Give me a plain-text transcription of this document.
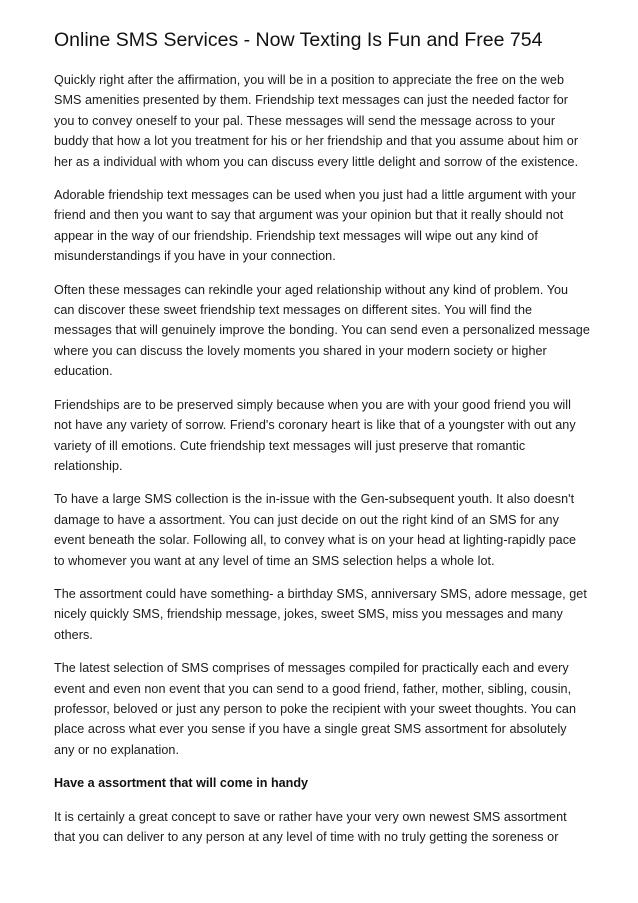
Online SMS Services - Now Texting Is Fun and Free 754

Quickly right after the affirmation, you will be in a position to appreciate the free on the web SMS amenities presented by them. Friendship text messages can just the needed factor for you to convey oneself to your pal. These messages will send the message across to your buddy that how a lot you treatment for his or her friendship and that you assume about him or her as a individual with whom you can discuss every little delight and sorrow of the existence.

Adorable friendship text messages can be used when you just had a little argument with your friend and then you want to say that argument was your opinion but that it really should not appear in the way of our friendship. Friendship text messages will wipe out any kind of misunderstandings if you have in your connection.

Often these messages can rekindle your aged relationship without any kind of problem. You can discover these sweet friendship text messages on different sites. You will find the messages that will genuinely improve the bonding. You can send even a personalized message where you can discuss the lovely moments you shared in your modern society or higher education.

Friendships are to be preserved simply because when you are with your good friend you will not have any variety of sorrow. Friend's coronary heart is like that of a youngster with out any variety of ill emotions. Cute friendship text messages will just preserve that romantic relationship.

To have a large SMS collection is the in-issue with the Gen-subsequent youth. It also doesn't damage to have a assortment. You can just decide on out the right kind of an SMS for any event beneath the solar. Following all, to convey what is on your head at lighting-rapidly pace to whomever you want at any level of time an SMS selection helps a whole lot.

The assortment could have something- a birthday SMS, anniversary SMS, adore message, get nicely quickly SMS, friendship message, jokes, sweet SMS, miss you messages and many others.

The latest selection of SMS comprises of messages compiled for practically each and every event and even non event that you can send to a good friend, father, mother, sibling, cousin, professor, beloved or just any person to poke the recipient with your sweet thoughts. You can place across what ever you sense if you have a single great SMS assortment for absolutely any or no explanation.

Have a assortment that will come in handy

It is certainly a great concept to save or rather have your very own newest SMS assortment that you can deliver to any person at any level of time with no truly getting the soreness or
